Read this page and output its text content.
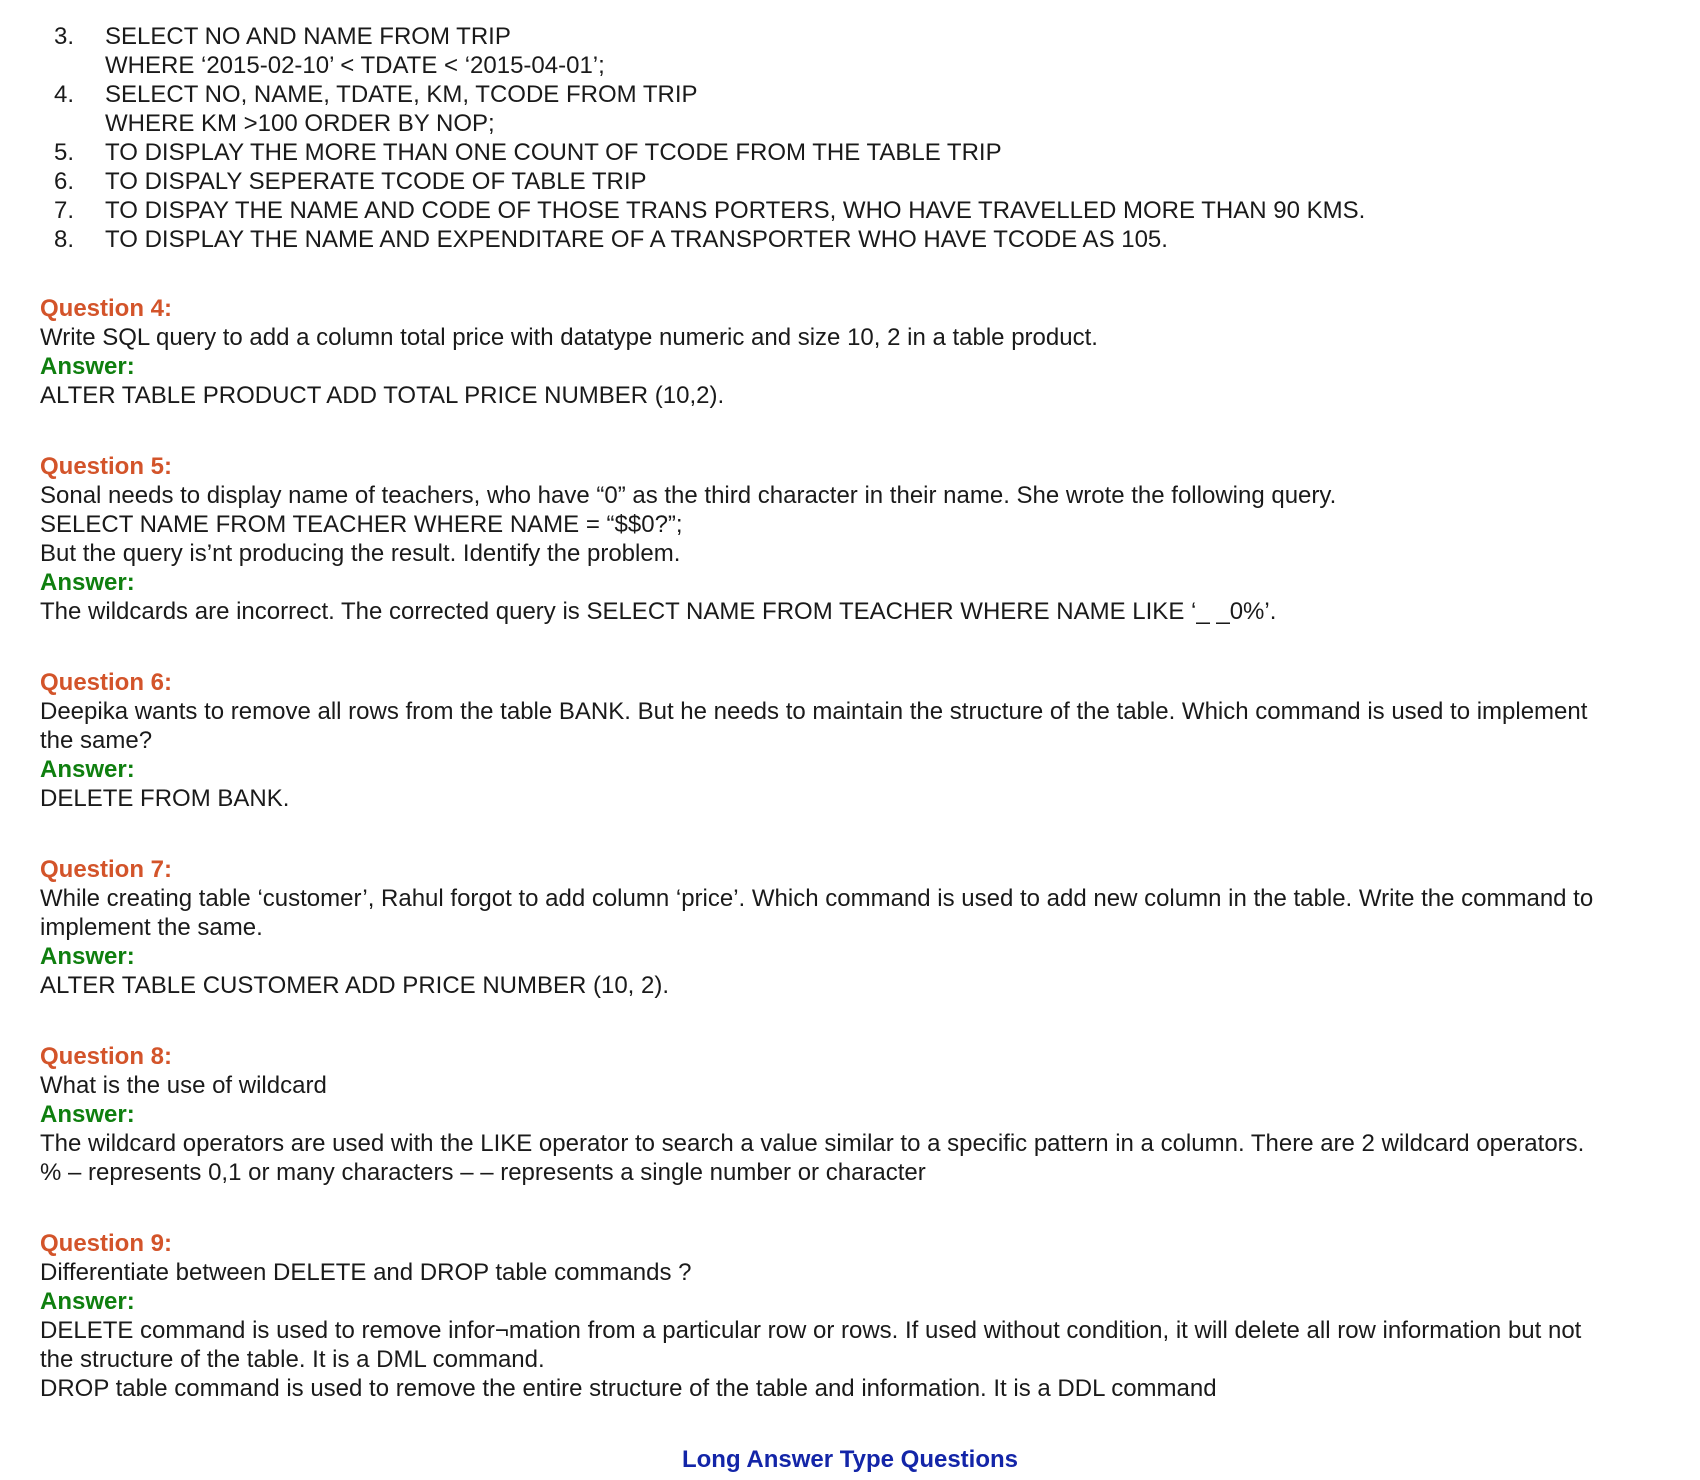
3.	SELECT NO AND NAME FROM TRIP
WHERE ‘2015-02-10’ < TDATE < ‘2015-04-01’;
4.	SELECT NO, NAME, TDATE, KM, TCODE FROM TRIP
WHERE KM >100 ORDER BY NOP;
5.	TO DISPLAY THE MORE THAN ONE COUNT OF TCODE FROM THE TABLE TRIP
6.	TO DISPALY SEPERATE TCODE OF TABLE TRIP
7.	TO DISPAY THE NAME AND CODE OF THOSE TRANS PORTERS, WHO HAVE TRAVELLED MORE THAN 90 KMS.
8.	TO DISPLAY THE NAME AND EXPENDITARE OF A TRANSPORTER WHO HAVE TCODE AS 105.
Question 4:
Write SQL query to add a column total price with datatype numeric and size 10, 2 in a table product.
Answer:
ALTER TABLE PRODUCT ADD TOTAL PRICE NUMBER (10,2).
Question 5:
Sonal needs to display name of teachers, who have “0” as the third character in their name. She wrote the following query.
SELECT NAME FROM TEACHER WHERE NAME = “$$0?”;
But the query is’nt producing the result. Identify the problem.
Answer:
The wildcards are incorrect. The corrected query is SELECT NAME FROM TEACHER WHERE NAME LIKE ‘_ _0%’.
Question 6:
Deepika wants to remove all rows from the table BANK. But he needs to maintain the structure of the table. Which command is used to implement
the same?
Answer:
DELETE FROM BANK.
Question 7:
While creating table ‘customer’, Rahul forgot to add column ‘price’. Which command is used to add new column in the table. Write the command to
implement the same.
Answer:
ALTER TABLE CUSTOMER ADD PRICE NUMBER (10, 2).
Question 8:
What is the use of wildcard
Answer:
The wildcard operators are used with the LIKE operator to search a value similar to a specific pattern in a column. There are 2 wildcard operators.
% – represents 0,1 or many characters – – represents a single number or character
Question 9:
Differentiate between DELETE and DROP table commands ?
Answer:
DELETE command is used to remove infor¬mation from a particular row or rows. If used without condition, it will delete all row information but not
the structure of the table. It is a DML command.
DROP table command is used to remove the entire structure of the table and information. It is a DDL command
Long Answer Type Questions
